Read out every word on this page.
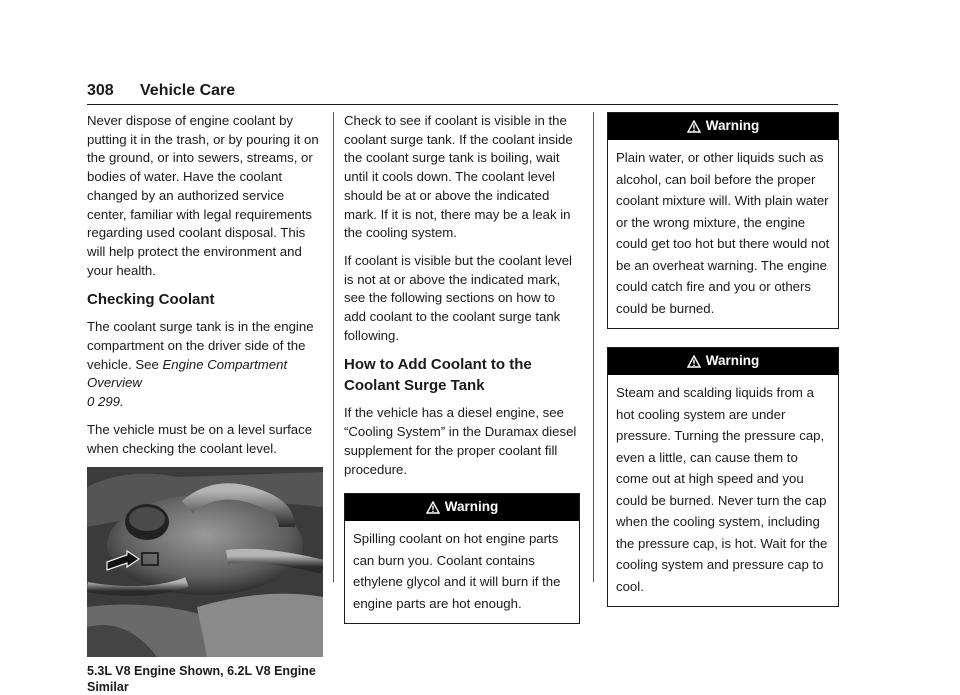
308 Vehicle Care

Never dispose of engine coolant by putting it in the trash, or by pouring it on the ground, or into sewers, streams, or bodies of water. Have the coolant changed by an authorized service center, familiar with legal requirements regarding used coolant disposal. This will help protect the environment and your health.

Checking Coolant

The coolant surge tank is in the engine compartment on the driver side of the vehicle. See Engine Compartment Overview
0 299.

The vehicle must be on a level surface when checking the coolant level.

5.3L V8 Engine Shown, 6.2L V8 Engine Similar

Check to see if coolant is visible in the coolant surge tank. If the coolant inside the coolant surge tank is boiling, wait until it cools down. The coolant level should be at or above the indicated mark. If it is not, there may be a leak in the cooling system.

If coolant is visible but the coolant level is not at or above the indicated mark, see the following sections on how to add coolant to the coolant surge tank following.

How to Add Coolant to the Coolant Surge Tank

If the vehicle has a diesel engine, see “Cooling System” in the Duramax diesel supplement for the proper coolant fill procedure.

Warning
Spilling coolant on hot engine parts can burn you. Coolant contains ethylene glycol and it will burn if the engine parts are hot enough.
Warning
Plain water, or other liquids such as alcohol, can boil before the proper coolant mixture will. With plain water or the wrong mixture, the engine could get too hot but there would not be an overheat warning. The engine could catch fire and you or others could be burned.
Warning
Steam and scalding liquids from a hot cooling system are under pressure. Turning the pressure cap, even a little, can cause them to come out at high speed and you could be burned. Never turn the cap when the cooling system, including the pressure cap, is hot. Wait for the cooling system and pressure cap to cool.
